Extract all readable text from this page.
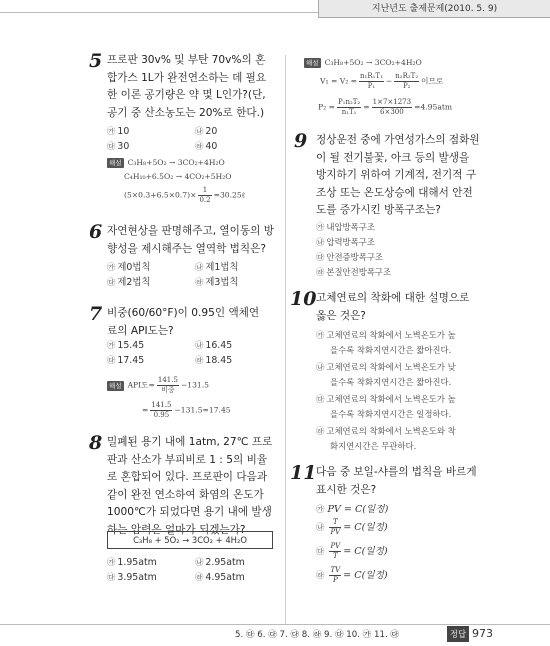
지난년도 출제문제(2010. 5. 9)
5 프로판 30v% 및 부탄 70v%의 혼
합가스 1L가 완전연소하는 데 필요
한 이론 공기량은 약 몇 L인가?(단,
공기 중 산소농도는 20%로 한다.)
㉮ 10	㉯ 20
㉰ 30	㉱ 40
해설 C₃H₈+5O₂ → 3CO₂+4H₂O
C₄H₁₀+6.5O₂ → 4CO₂+5H₂O
$(5\times 0.3+6.5\times 0.7)\times \frac{1}{0.2}$ =30.25ℓ
6 자연현상을 판명해주고, 열이동의 방
향성을 제시해주는 열역학 법칙은?
㉮ 제0법칙	㉯ 제1법칙
㉰ 제2법칙	㉱ 제3법칙
7 비중(60/60°F)이 0.95인 액체연
료의 API도는?
㉮ 15.45	㉯ 16.45
㉰ 17.45	㉱ 18.45
해설 API도= $\frac{141.5}{\text{비중}} -131.5$
= $\frac{141.5}{0.95} -131.5=17.45$
8 밀폐된 용기 내에 1atm, 27℃ 프로
판과 산소가 부피비로 1 : 5의 비율
로 혼합되어 있다. 프로판이 다음과
같이 완전 연소하여 화염의 온도가
1000℃가 되었다면 용기 내에 발생
하는 압력은 얼마가 되겠는가?
C₃H₈ + 5O₂ → 3CO₂ + 4H₂O
㉮ 1.95atm	㉯ 2.95atm
㉰ 3.95atm	㉱ 4.95atm
해설 C₃H₈+5O₂ → 3CO₂+4H₂O
$V_1 = V_2 = \frac{\text{n₁R₁T₁}}{\text{P₁}} - \frac{\text{n₂R₂T₂}}{\text{P₂}}$ 이므로
$P_2 = \frac{\text{P₁n₂T₂}}{\text{n₁T₁}} = \frac{1\times 7\times 1273}{6\times 300} =4.95atm$
9 정상운전 중에 가연성가스의 점화원
이 될 전기불꽃, 아크 등의 발생을
방지하기 위하여 기계적, 전기적 구
조상 또는 온도상승에 대해서 안전
도를 증가시킨 방폭구조는?
㉮ 내압방폭구조
㉯ 압력방폭구조
㉰ 안전증방폭구조
㉱ 본질안전방폭구조
10 고체연료의 착화에 대한 설명으로
옳은 것은?
㉮ 고체연료의 착화에서 노벽온도가 높
을수록 착화지연시간은 짧아진다.
㉯ 고체연료의 착화에서 노벽온도가 낮
을수록 착화지연시간은 짧아진다.
㉰ 고체연료의 착화에서 노벽온도가 높
을수록 착화지연시간은 일정하다.
㉱ 고체연료의 착화에서 노벽온도와 착
화지연시간은 무관하다.
11 다음 중 보일-샤를의 법칙을 바르게
표시한 것은?
㉮ PV = C(일정)
㉯ $\frac{T}{PV} = C$(일정)
㉰ $\frac{PV}{T} = C$(일정)
㉱ $\frac{TV}{P} = C$(일정)
5. ㉰ 6. ㉰ 7. ㉰ 8. ㉱ 9. ㉰ 10. ㉮ 11. ㉰	정답 973
